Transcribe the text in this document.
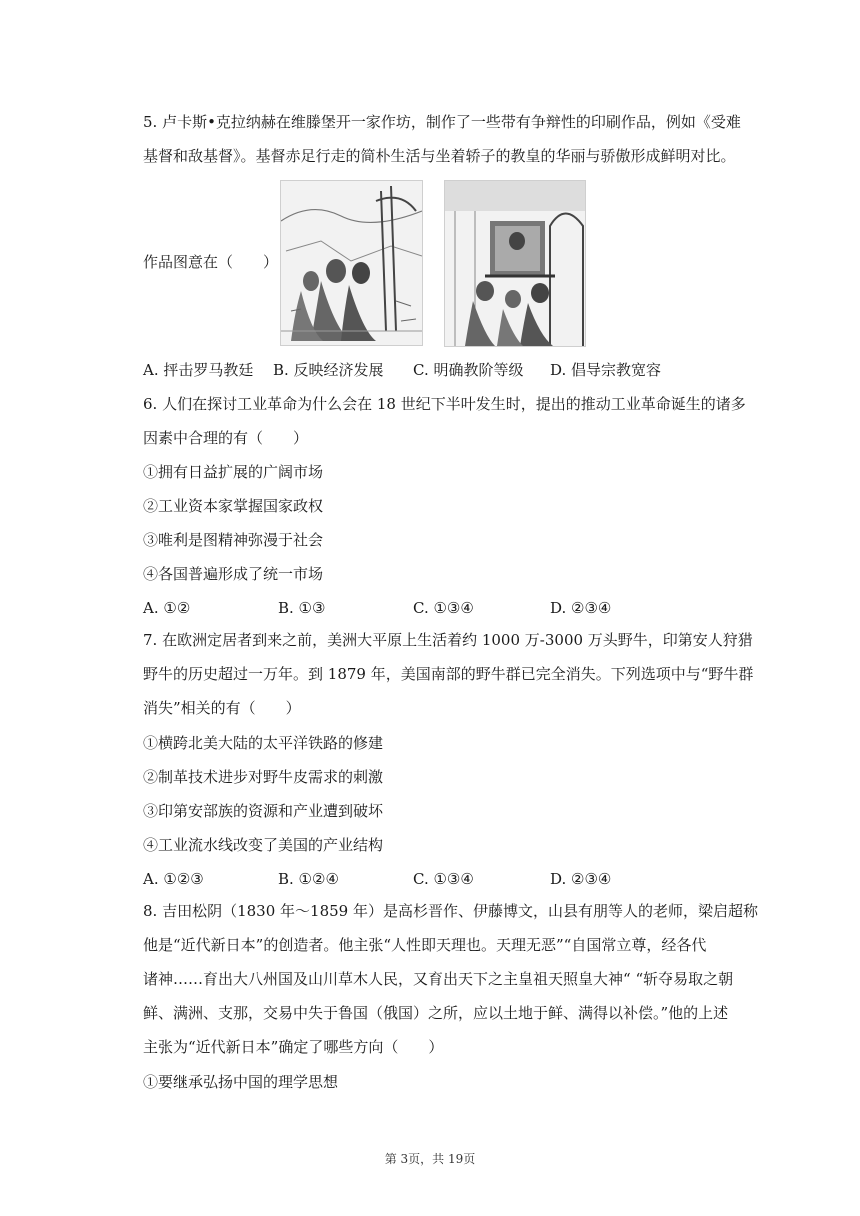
5. 卢卡斯•克拉纳赫在维滕堡开一家作坊，制作了一些带有争辩性的印刷作品，例如《受难
基督和敌基督》。基督赤足行走的简朴生活与坐着轿子的教皇的华丽与骄傲形成鲜明对比。
作品图意在（　　）
A. 抨击罗马教廷 B. 反映经济发展 C. 明确教阶等级 D. 倡导宗教宽容
6. 人们在探讨工业革命为什么会在 18 世纪下半叶发生时，提出的推动工业革命诞生的诸多
因素中合理的有（　　）
①拥有日益扩展的广阔市场
②工业资本家掌握国家政权
③唯利是图精神弥漫于社会
④各国普遍形成了统一市场
A. ①②	B. ①③	C. ①③④	D. ②③④
7. 在欧洲定居者到来之前，美洲大平原上生活着约 1000 万-3000 万头野牛，印第安人狩猎
野牛的历史超过一万年。到 1879 年，美国南部的野牛群已完全消失。下列选项中与“野牛群
消失”相关的有（　　）
①横跨北美大陆的太平洋铁路的修建
②制革技术进步对野牛皮需求的刺激
③印第安部族的资源和产业遭到破坏
④工业流水线改变了美国的产业结构
A. ①②③	B. ①②④	C. ①③④	D. ②③④
8. 吉田松阴（1830 年～1859 年）是高杉晋作、伊藤博文，山县有朋等人的老师，梁启超称
他是“近代新日本”的创造者。他主张“人性即天理也。天理无恶”“自国常立尊，经各代
诸神……育出大八州国及山川草木人民，又育出天下之主皇祖天照皇大神“ “斩夺易取之朝
鲜、满洲、支那，交易中失于鲁国（俄国）之所，应以土地于鲜、满得以补偿。”他的上述
主张为“近代新日本”确定了哪些方向（　　）
①要继承弘扬中国的理学思想
第 3页，共 19页
